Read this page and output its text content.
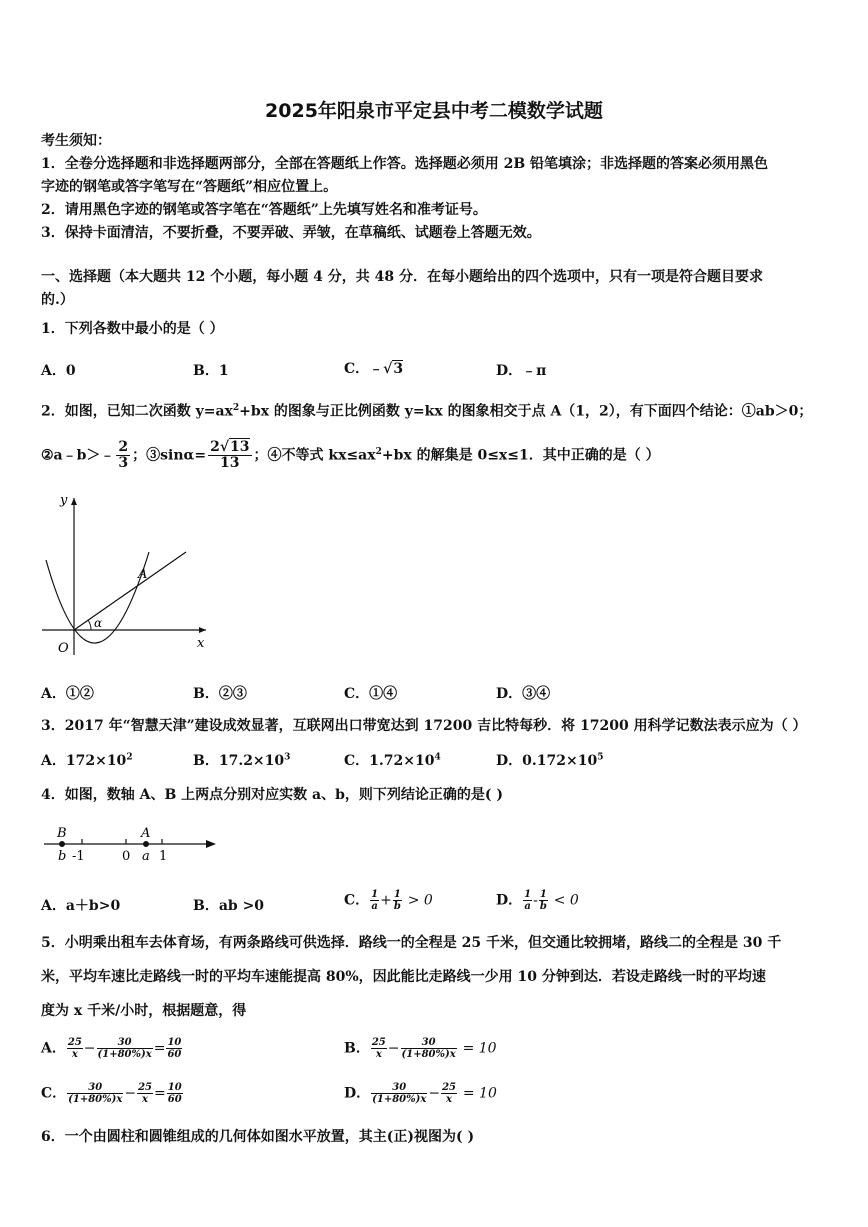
2025年阳泉市平定县中考二模数学试题
考生须知：
1．全卷分选择题和非选择题两部分，全部在答题纸上作答。选择题必须用 2B 铅笔填涂；非选择题的答案必须用黑色
字迹的钢笔或答字笔写在“答题纸”相应位置上。
2．请用黑色字迹的钢笔或答字笔在“答题纸”上先填写姓名和准考证号。
3．保持卡面清洁，不要折叠，不要弄破、弄皱，在草稿纸、试题卷上答题无效。
一、选择题（本大题共 12 个小题，每小题 4 分，共 48 分．在每小题给出的四个选项中，只有一项是符合题目要求
的.）
1．下列各数中最小的是（ ）
A．0	B．1	C．﹣√3	D．﹣π
2．如图，已知二次函数 $y=ax^2+bx$ 的图象与正比例函数 y=kx 的图象相交于点 A（1，2），有下面四个结论：①ab＞0；
②a﹣b＞﹣ $\frac{2}{3}$ ；③sinα= $\frac{2√13}{13}$ ；④不等式 $kx\le ax^2+bx$ 的解集是 0≤x≤1．其中正确的是（ ）
y
x
O
A
α
A．①②	B．②③	C．①④	D．③④
3．2017 年“智慧天津”建设成效显著，互联网出口带宽达到 17200 吉比特每秒．将 17200 用科学记数法表示应为（ ）
A．$172\times 10^2$	B．$17.2\times 10^3$	C．$1.72\times 10^4$	D．$0.172\times 10^5$
4．如图，数轴 A、B 上两点分别对应实数 a、b，则下列结论正确的是( )
B
b -1	0
A
a 1
A．a＋b>0	B．ab >0	C． $\frac{1}{a} + \frac{1}{b} > 0$	D． $\frac{1}{a} - \frac{1}{b} < 0$
5．小明乘出租车去体育场，有两条路线可供选择．路线一的全程是 25 千米，但交通比较拥堵，路线二的全程是 30 千
米，平均车速比走路线一时的平均车速能提高 80%，因此能比走路线一少用 10 分钟到达．若设走路线一时的平均速
度为 x 千米/小时，根据题意，得
A． $\frac{25}{x} - \frac{30}{(1+80\%)x} = \frac{10}{60}$	B． $\frac{25}{x} - \frac{30}{(1+80\%)x} = 10$
C． $\frac{30}{(1+80\%)x} - \frac{25}{x} = \frac{10}{60}$	D． $\frac{30}{(1+80\%)x} - \frac{25}{x} = 10$
6．一个由圆柱和圆锥组成的几何体如图水平放置，其主(正)视图为( )
